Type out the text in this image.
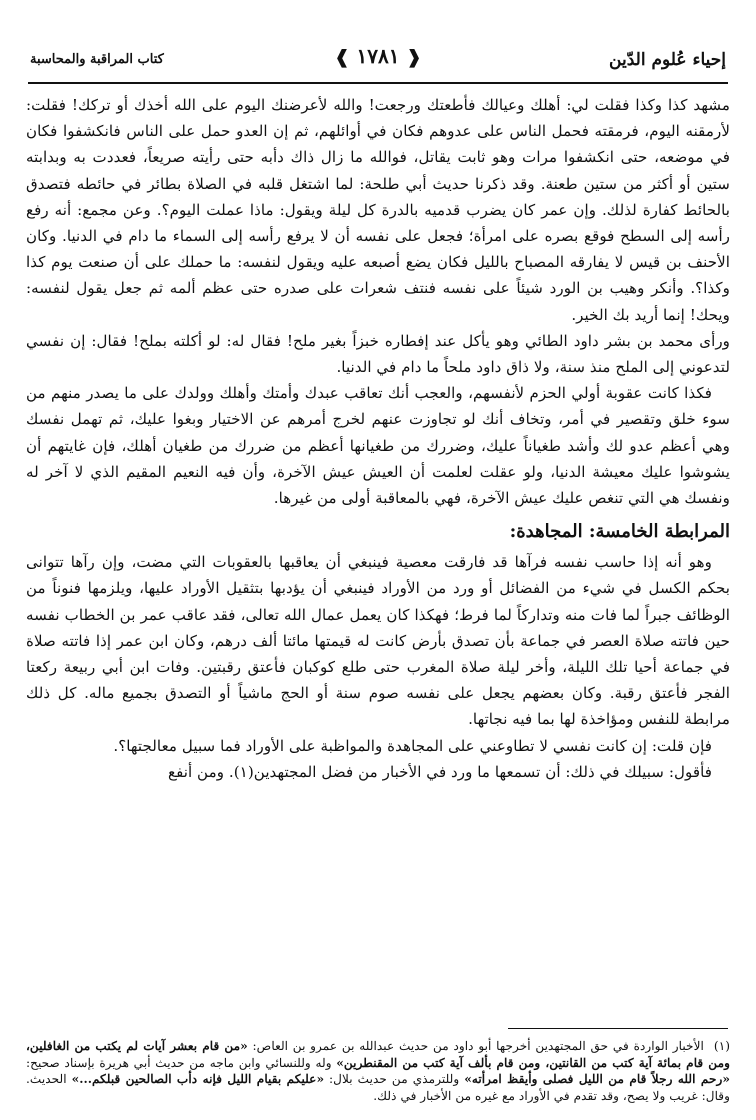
إحياء عُلوم الدّين
❰ ١٧٨١ ❱
كتاب المراقبة والمحاسبة

مشهد كذا وكذا فقلت لي: أهلك وعيالك فأطعتك ورجعت! والله لأعرضنك اليوم على الله أخذك أو تركك! فقلت: لأرمقنه اليوم، فرمقته فحمل الناس على عدوهم فكان في أوائلهم، ثم إن العدو حمل على الناس فانكشفوا فكان في موضعه، حتى انكشفوا مرات وهو ثابت يقاتل، فوالله ما زال ذاك دأبه حتى رأيته صريعاً، فعددت به وبدابته ستين أو أكثر من ستين طعنة. وقد ذكرنا حديث أبي طلحة: لما اشتغل قلبه في الصلاة بطائر في حائطه فتصدق بالحائط كفارة لذلك. وإن عمر كان يضرب قدميه بالدرة كل ليلة ويقول: ماذا عملت اليوم؟. وعن مجمع: أنه رفع رأسه إلى السطح فوقع بصره على امرأة؛ فجعل على نفسه أن لا يرفع رأسه إلى السماء ما دام في الدنيا. وكان الأحنف بن قيس لا يفارقه المصباح بالليل فكان يضع أصبعه عليه ويقول لنفسه: ما حملك على أن صنعت يوم كذا وكذا؟. وأنكر وهيب بن الورد شيئاً على نفسه فنتف شعرات على صدره حتى عظم ألمه ثم جعل يقول لنفسه: ويحك! إنما أريد بك الخير.

ورأى محمد بن بشر داود الطائي وهو يأكل عند إفطاره خبزاً بغير ملح! فقال له: لو أكلته بملح! فقال: إن نفسي لتدعوني إلى الملح منذ سنة، ولا ذاق داود ملحاً ما دام في الدنيا.

فكذا كانت عقوبة أولي الحزم لأنفسهم، والعجب أنك تعاقب عبدك وأمتك وأهلك وولدك على ما يصدر منهم من سوء خلق وتقصير في أمر، وتخاف أنك لو تجاوزت عنهم لخرج أمرهم عن الاختيار وبغوا عليك، ثم تهمل نفسك وهي أعظم عدو لك وأشد طغياناً عليك، وضررك من طغيانها أعظم من ضررك من طغيان أهلك، فإن غايتهم أن يشوشوا عليك معيشة الدنيا، ولو عقلت لعلمت أن العيش عيش الآخرة، وأن فيه النعيم المقيم الذي لا آخر له ونفسك هي التي تنغص عليك عيش الآخرة، فهي بالمعاقبة أولى من غيرها.

المرابطة الخامسة: المجاهدة:

وهو أنه إذا حاسب نفسه فرآها قد فارقت معصية فينبغي أن يعاقبها بالعقوبات التي مضت، وإن رآها تتوانى بحكم الكسل في شيء من الفضائل أو ورد من الأوراد فينبغي أن يؤدبها بتثقيل الأوراد عليها، ويلزمها فنوناً من الوظائف جبراً لما فات منه وتداركاً لما فرط؛ فهكذا كان يعمل عمال الله تعالى، فقد عاقب عمر بن الخطاب نفسه حين فاتته صلاة العصر في جماعة بأن تصدق بأرض كانت له قيمتها مائتا ألف درهم، وكان ابن عمر إذا فاتته صلاة في جماعة أحيا تلك الليلة، وأخر ليلة صلاة المغرب حتى طلع كوكبان فأعتق رقبتين. وفات ابن أبي ربيعة ركعتا الفجر فأعتق رقبة. وكان بعضهم يجعل على نفسه صوم سنة أو الحج ماشياً أو التصدق بجميع ماله. كل ذلك مرابطة للنفس ومؤاخذة لها بما فيه نجاتها.

فإن قلت: إن كانت نفسي لا تطاوعني على المجاهدة والمواظبة على الأوراد فما سبيل معالجتها؟.

فأقول: سبيلك في ذلك: أن تسمعها ما ورد في الأخبار من فضل المجتهدين(١). ومن أنفع

(١)الأخبار الواردة في حق المجتهدين أخرجها أبو داود من حديث عبدالله بن عمرو بن العاص: «من قام بعشر آيات لم يكتب من الغافلين، ومن قام بمائة آية كتب من القانتين، ومن قام بألف آية كتب من المقنطرين» وله وللنسائي وابن ماجه من حديث أبي هريرة بإسناد صحيح: «رحم الله رجلاً قام من الليل فصلى وأيقظ امرأته» وللترمذي من حديث بلال: «عليكم بقيام الليل فإنه دأب الصالحين قبلكم...» الحديث. وقال: غريب ولا يصح، وقد تقدم في الأوراد مع غيره من الأخبار في ذلك.
